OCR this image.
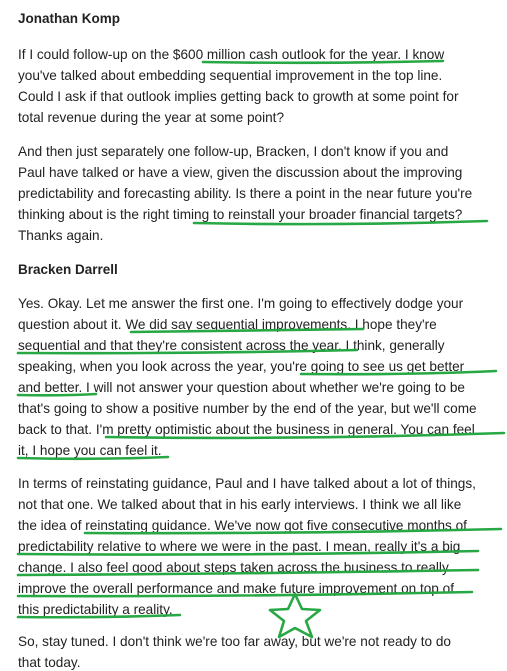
Jonathan Komp

If I could follow-up on the $600 million cash outlook for the year. I know

you've talked about embedding sequential improvement in the top line.

Could I ask if that outlook implies getting back to growth at some point for

total revenue during the year at some point?

And then just separately one follow-up, Bracken, I don't know if you and

Paul have talked or have a view, given the discussion about the improving

predictability and forecasting ability. Is there a point in the near future you're

thinking about is the right timing to reinstall your broader financial targets?

Thanks again.

Bracken Darrell

Yes. Okay. Let me answer the first one. I'm going to effectively dodge your

question about it. We did say sequential improvements. I hope they're

sequential and that they're consistent across the year. I think, generally

speaking, when you look across the year, you're going to see us get better

and better. I will not answer your question about whether we're going to be

that's going to show a positive number by the end of the year, but we'll come

back to that. I'm pretty optimistic about the business in general. You can feel

it, I hope you can feel it.

In terms of reinstating guidance, Paul and I have talked about a lot of things,

not that one. We talked about that in his early interviews. I think we all like

the idea of reinstating guidance. We've now got five consecutive months of

predictability relative to where we were in the past. I mean, really it's a big

change. I also feel good about steps taken across the business to really

improve the overall performance and make future improvement on top of

this predictability a reality.

So, stay tuned. I don't think we're too far away, but we're not ready to do

that today.
